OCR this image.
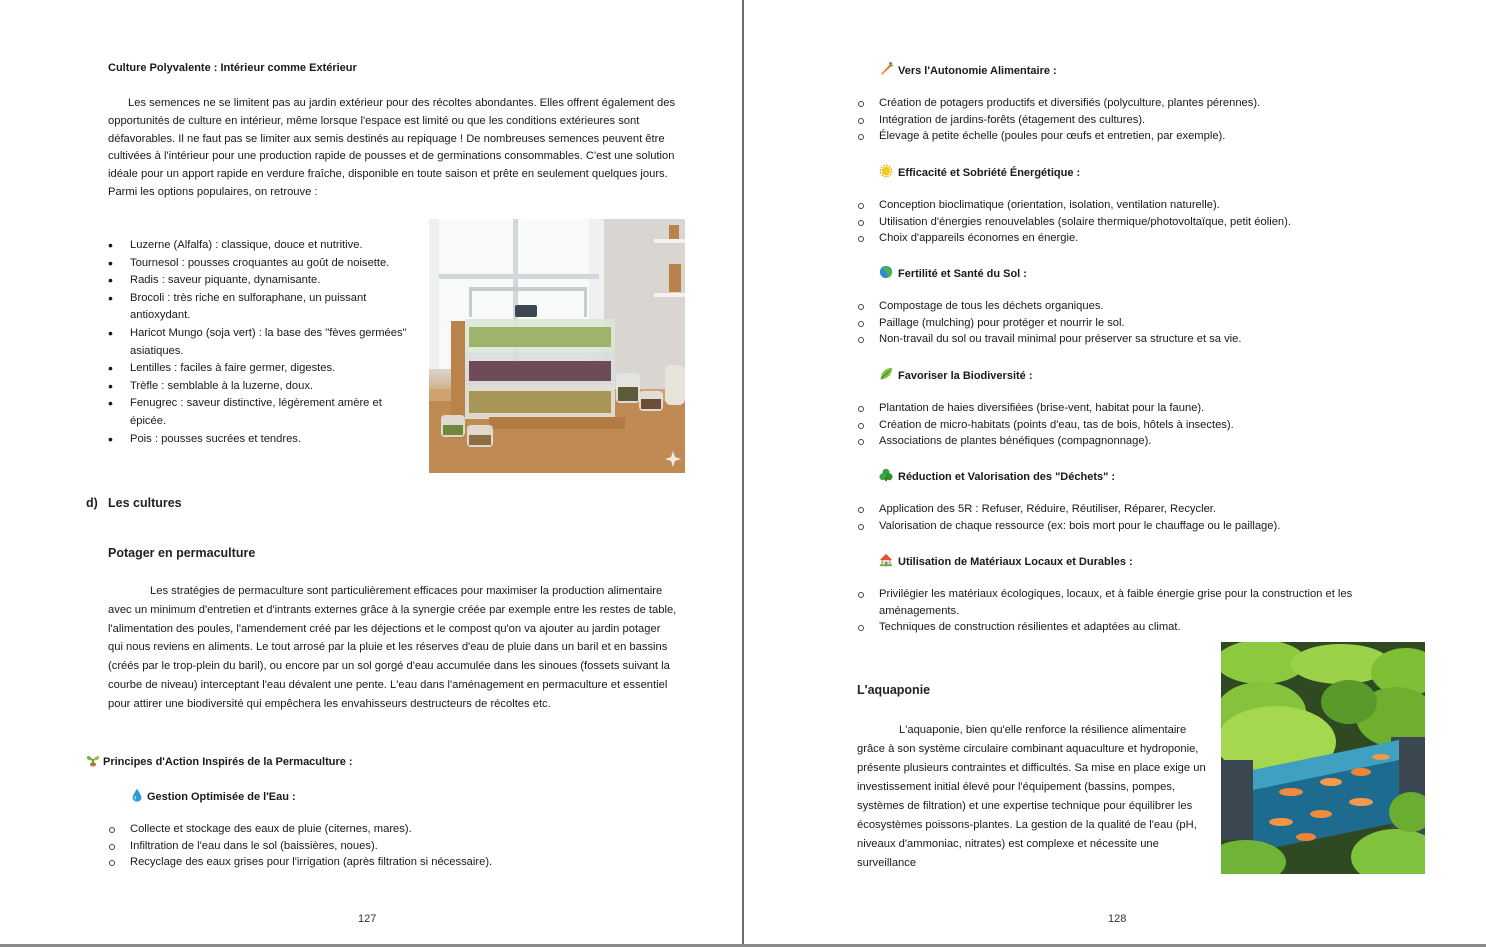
Culture Polyvalente : Intérieur comme Extérieur

Les semences ne se limitent pas au jardin extérieur pour des récoltes abondantes. Elles offrent également des opportunités de culture en intérieur, même lorsque l'espace est limité ou que les conditions extérieures sont défavorables. Il ne faut pas se limiter aux semis destinés au repiquage ! De nombreuses semences peuvent être cultivées à l'intérieur pour une production rapide de pousses et de germinations consommables. C'est une solution idéale pour un apport rapide en verdure fraîche, disponible en toute saison et prête en seulement quelques jours. Parmi les options populaires, on retrouve :

• Luzerne (Alfalfa) : classique, douce et nutritive.
• Tournesol : pousses croquantes au goût de noisette.
• Radis : saveur piquante, dynamisante.
• Brocoli : très riche en sulforaphane, un puissant antioxydant.
• Haricot Mungo (soja vert) : la base des "fèves germées" asiatiques.
• Lentilles : faciles à faire germer, digestes.
• Trèfle : semblable à la luzerne, doux.
• Fenugrec : saveur distinctive, légèrement amère et épicée.
• Pois : pousses sucrées et tendres.
d) Les cultures
Potager en permaculture

Les stratégies de permaculture sont particulièrement efficaces pour maximiser la production alimentaire avec un minimum d'entretien et d'intrants externes grâce à la synergie créée par exemple entre les restes de table, l'alimentation des poules, l'amendement créé par les déjections et le compost qu'on va ajouter au jardin potager qui nous reviens en aliments. Le tout arrosé par la pluie et les réserves d'eau de pluie dans un baril et en bassins (créés par le trop-plein du baril), ou encore par un sol gorgé d'eau accumulée dans les sinoues (fossets suivant la courbe de niveau) interceptant l'eau dévalent une pente. L'eau dans l'aménagement en permaculture et essentiel pour attirer une biodiversité qui empêchera les envahisseurs destructeurs de récoltes etc.

Principes d'Action Inspirés de la Permaculture :
Gestion Optimisée de l'Eau :
Collecte et stockage des eaux de pluie (citernes, mares).
Infiltration de l'eau dans le sol (baissières, noues).
Recyclage des eaux grises pour l'irrigation (après filtration si nécessaire).
127
Vers l'Autonomie Alimentaire :
Création de potagers productifs et diversifiés (polyculture, plantes pérennes).
Intégration de jardins-forêts (étagement des cultures).
Élevage à petite échelle (poules pour œufs et entretien, par exemple).
Efficacité et Sobriété Énergétique :
Conception bioclimatique (orientation, isolation, ventilation naturelle).
Utilisation d'énergies renouvelables (solaire thermique/photovoltaïque, petit éolien).
Choix d'appareils économes en énergie.
Fertilité et Santé du Sol :
Compostage de tous les déchets organiques.
Paillage (mulching) pour protéger et nourrir le sol.
Non-travail du sol ou travail minimal pour préserver sa structure et sa vie.
Favoriser la Biodiversité :
Plantation de haies diversifiées (brise-vent, habitat pour la faune).
Création de micro-habitats (points d'eau, tas de bois, hôtels à insectes).
Associations de plantes bénéfiques (compagnonnage).
Réduction et Valorisation des "Déchets" :
Application des 5R : Refuser, Réduire, Réutiliser, Réparer, Recycler.
Valorisation de chaque ressource (ex: bois mort pour le chauffage ou le paillage).
Utilisation de Matériaux Locaux et Durables :
Privilégier les matériaux écologiques, locaux, et à faible énergie grise pour la construction et les aménagements.
Techniques de construction résilientes et adaptées au climat.
L'aquaponie

L'aquaponie, bien qu'elle renforce la résilience alimentaire grâce à son système circulaire combinant aquaculture et hydroponie, présente plusieurs contraintes et difficultés. Sa mise en place exige un investissement initial élevé pour l'équipement (bassins, pompes, systèmes de filtration) et une expertise technique pour équilibrer les écosystèmes poissons-plantes. La gestion de la qualité de l'eau (pH, niveaux d'ammoniac, nitrates) est complexe et nécessite une surveillance

128
